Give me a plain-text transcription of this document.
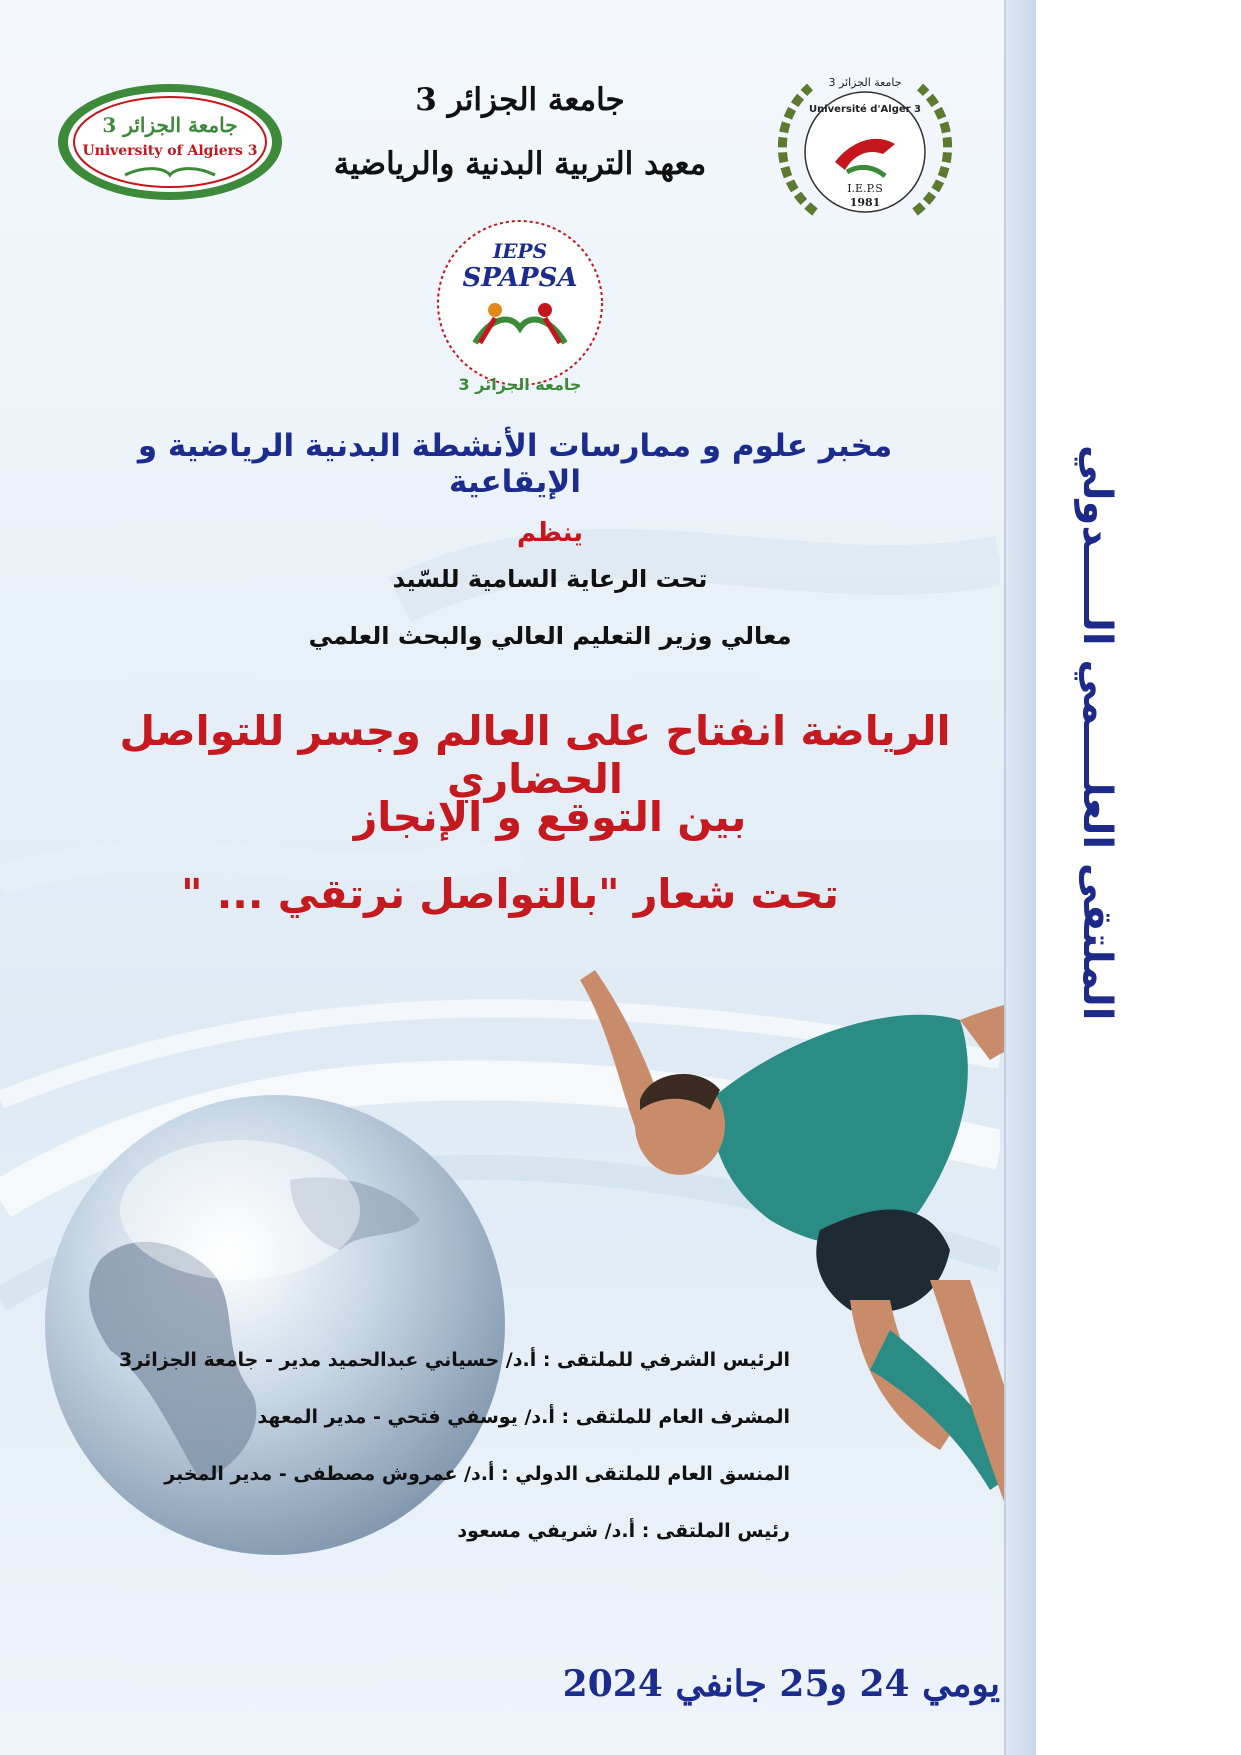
الملتقى العلــــمي الـــــدولي
جامعة الجزائر 3
University of Algiers 3
جامعة الجزائر 3
Université d'Alger 3
I.E.P.S
1981
IEPS
SPAPSA
جامعة الجزائر 3
جامعة الجزائر 3
معهد التربية البدنية والرياضية
مخبر علوم و ممارسات الأنشطة البدنية الرياضية و الإيقاعية
ينظم
تحت الرعاية السامية للسّيد
معالي وزير التعليم العالي والبحث العلمي
الرياضة انفتاح على العالم وجسر للتواصل الحضاري
بين التوقع و الإنجاز
تحت شعار "بالتواصل نرتقي ... "
الرئيس الشرفي للملتقى : أ.د/ حسياني عبدالحميد مدير - جامعة الجزائر3
المشرف العام للملتقى : أ.د/ يوسفي فتحي - مدير المعهد
المنسق العام للملتقى الدولي : أ.د/ عمروش مصطفى - مدير المخبر
رئيس الملتقى : أ.د/ شريفي مسعود
يومي 24 و25 جانفي 2024
